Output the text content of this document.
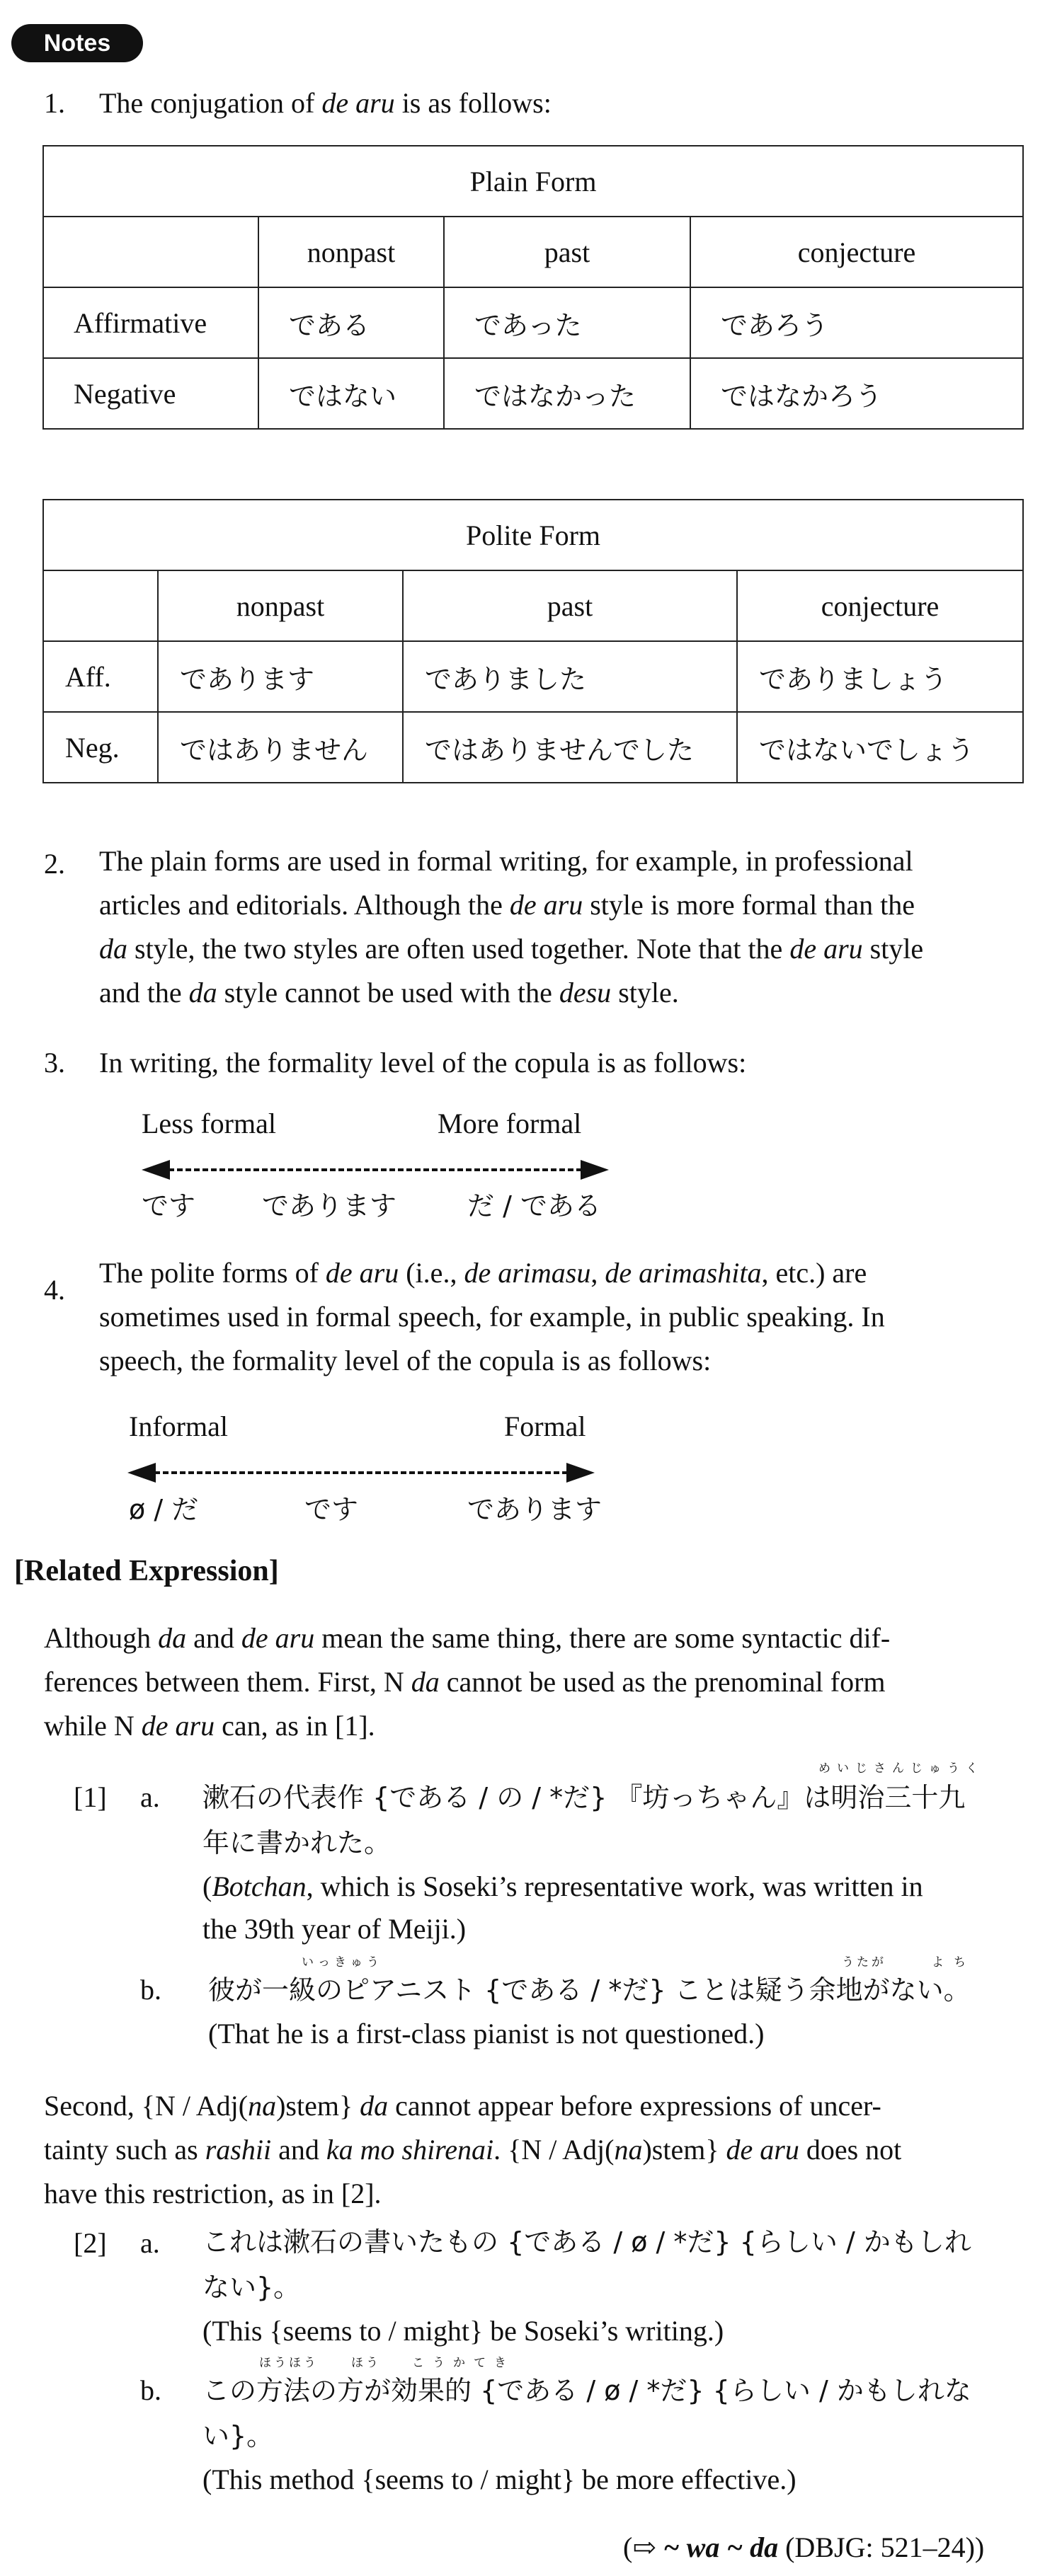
Notes
1.	The conjugation of de aru is as follows:
Plain Form			
	nonpast	past	conjecture
Affirmative	である	であった	であろう
Negative	ではない	ではなかった	ではなかろう
Polite Form			
	nonpast	past	conjecture
Aff.	であります	でありました	でありましょう
Neg.	ではありません	ではありませんでした	ではないでしょう
2.	The plain forms are used in formal writing, for example, in professional
articles and editorials. Although the de aru style is more formal than the
da style, the two styles are often used together. Note that the de aru style
and the da style cannot be used with the desu style.
3.	In writing, the formality level of the copula is as follows:
Less formal	More formal
です であります	だ / である
4.
The polite forms of de aru (i.e., de arimasu, de arimashita, etc.) are
sometimes used in formal speech, for example, in public speaking. In
speech, the formality level of the copula is as follows:
Informal	Formal
ø / だ	です	であります
[Related Expression]
Although da and de aru mean the same thing, there are some syntactic dif-
ferences between them. First, N da cannot be used as the prenominal form
while N de aru can, as in [1].
[1] a.
めいじさんじゅうく
漱石の代表作 {である / の / *だ} 『坊っちゃん』は明治三十九
年に書かれた。
(Botchan, which is Soseki’s representative work, was written in
the 39th year of Meiji.)
b.
いっきゅう	うたが	よち
彼が一級のピアニスト {である / *だ} ことは疑う余地がない。
(That he is a first-class pianist is not questioned.)
Second, {N / Adj(na)stem} da cannot appear before expressions of uncer-
tainty such as rashii and ka mo shirenai. {N / Adj(na)stem} de aru does not
have this restriction, as in [2].
[2] a. これは漱石の書いたもの {である / ø / *だ} {らしい / かもしれ
ない}。
(This {seems to / might} be Soseki’s writing.)
b.
ほうほう	ほう	こうかてき
この方法の方が効果的 {である / ø / *だ} {らしい / かもしれな
い}。
(This method {seems to / might} be more effective.)
(⇨ ~ wa ~ da (DBJG: 521–24))
